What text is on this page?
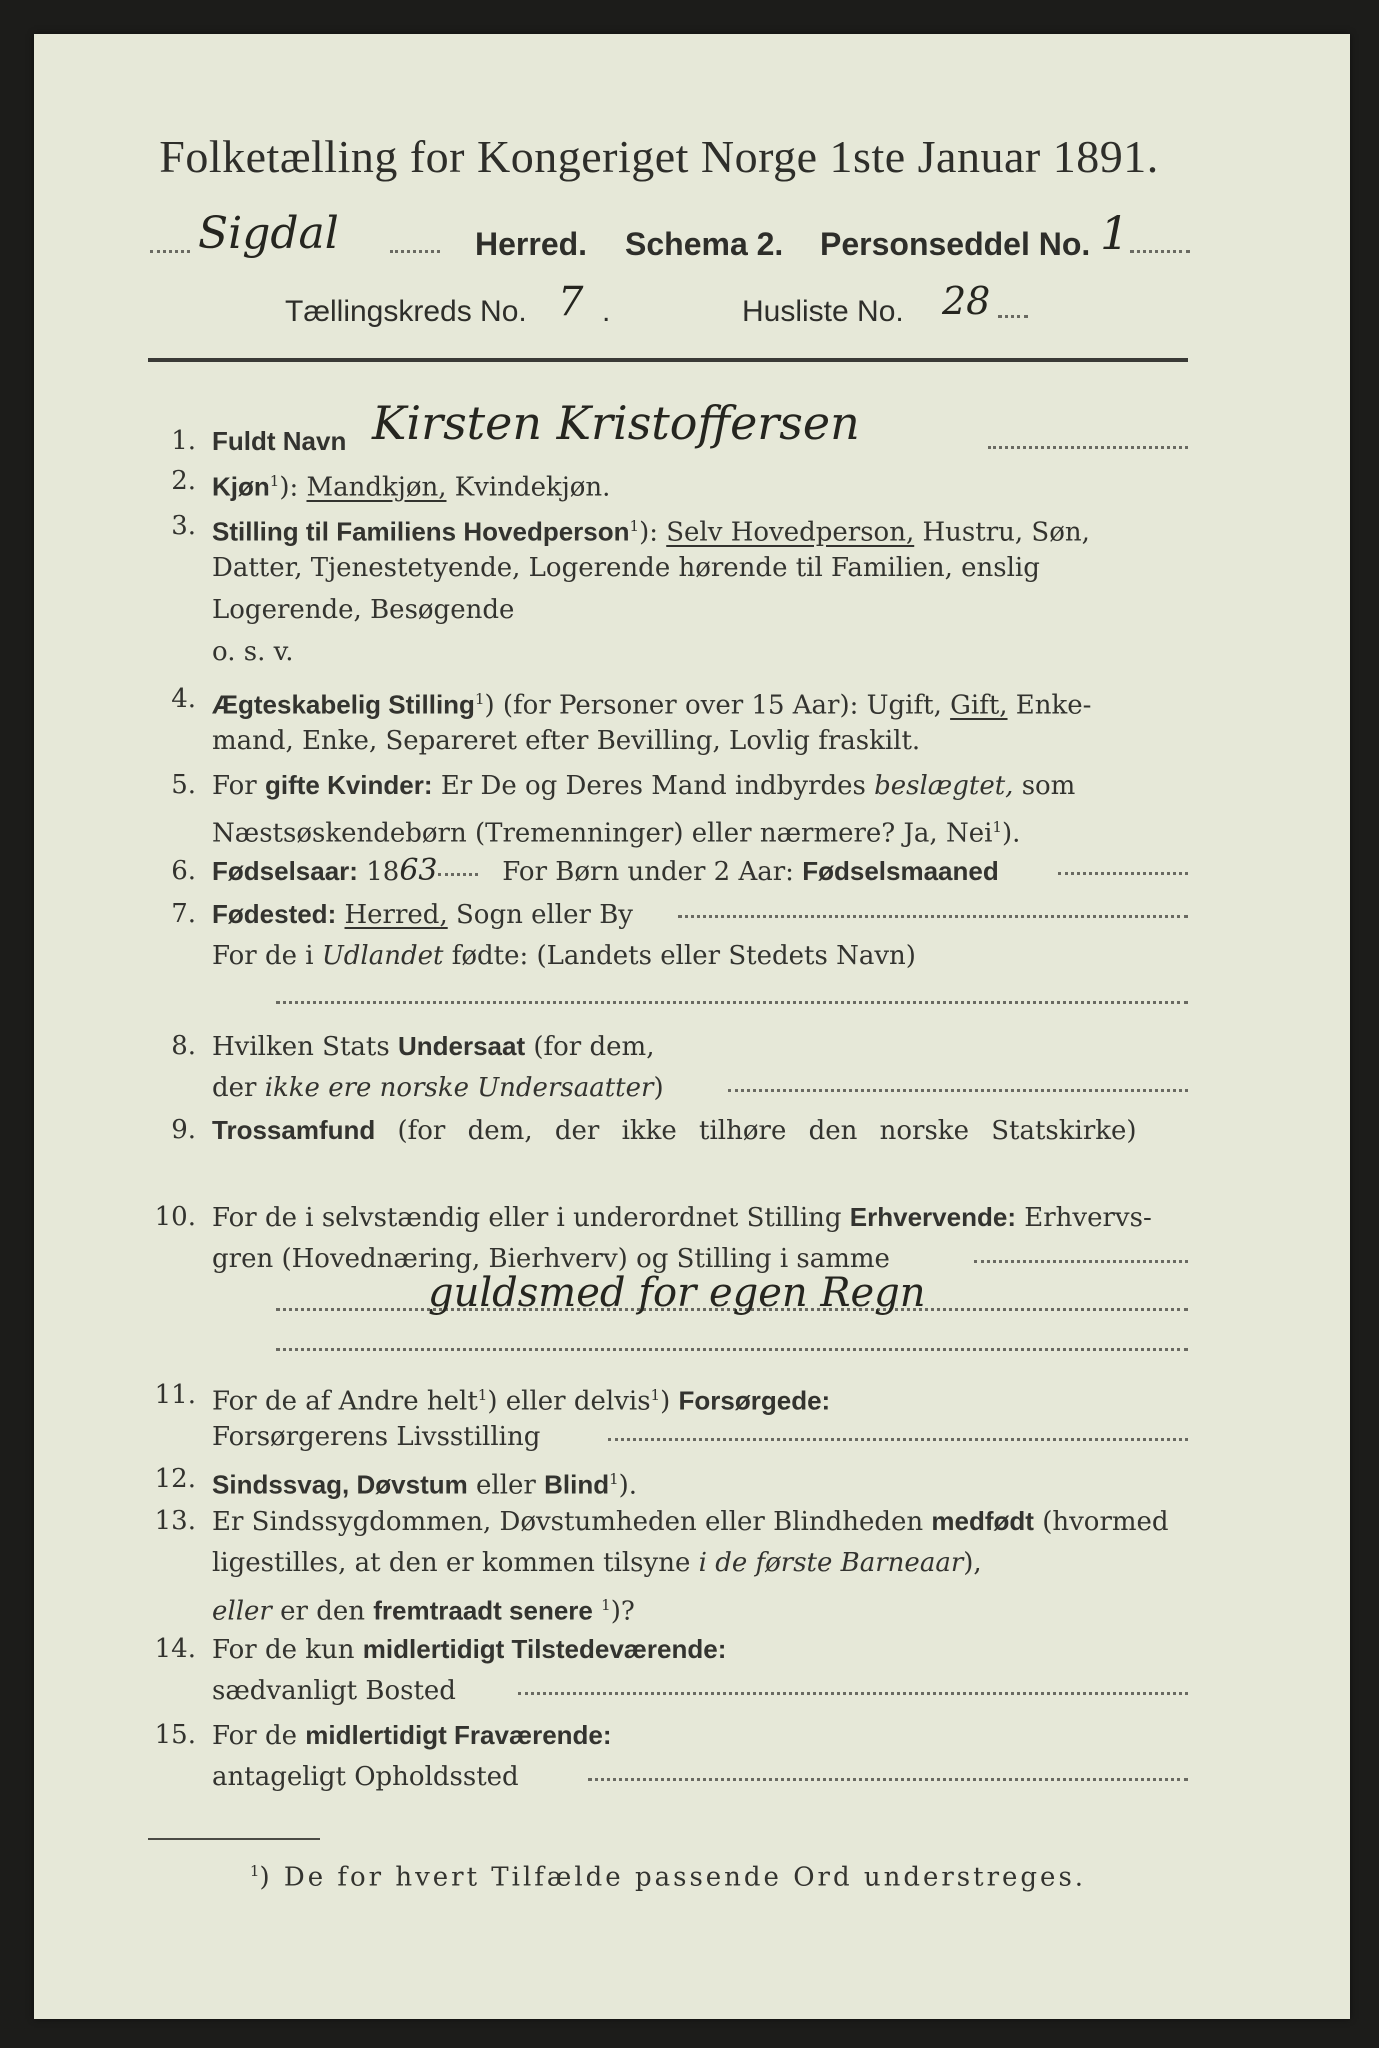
Folketælling for Kongeriget Norge 1ste Januar 1891.
Sigdal	Herred. Schema 2. Personseddel No. 1
Tællingskreds No. 7 .	Husliste No. 28
1. Fuldt Navn Kirsten Kristoffersen
2. Kjøn$^1$): Mandkjøn, Kvindekjøn.
3. Stilling til Familiens Hovedperson$^1$): Selv Hovedperson, Hustru, Søn,
Datter, Tjenestetyende, Logerende hørende til Familien, enslig
Logerende, Besøgende
o. s. v.
4. Ægteskabelig Stilling$^1$) (for Personer over 15 Aar): Ugift, Gift, Enke-
mand, Enke, Separeret efter Bevilling, Lovlig fraskilt.
5. For gifte Kvinder: Er De og Deres Mand indbyrdes beslægtet, som
Næstsøskendebørn (Tremenninger) eller nærmere? Ja, Nei$^1$).
6. Fødselsaar: 1863 For Børn under 2 Aar: Fødselsmaaned
7. Fødested: Herred, Sogn eller By
For de i Udlandet fødte: (Landets eller Stedets Navn)
8. Hvilken Stats Undersaat (for dem,
der ikke ere norske Undersaatter)
9. Trossamfund (for dem, der ikke tilhøre den norske Statskirke)
10. For de i selvstændig eller i underordnet Stilling Erhvervende: Erhvervs-
gren (Hovednæring, Bierhverv) og Stilling i samme
guldsmed for egen Regn
11. For de af Andre helt$^1$) eller delvis$^1$) Forsørgede:
Forsørgerens Livsstilling
12. Sindssvag, Døvstum eller Blind$^1$).
13. Er Sindssygdommen, Døvstumheden eller Blindheden medfødt (hvormed
ligestilles, at den er kommen tilsyne i de første Barneaar),
eller er den fremtraadt senere $^1$)?
14. For de kun midlertidigt Tilstedeværende:
sædvanligt Bosted
15. For de midlertidigt Fraværende:
antageligt Opholdssted
$^1$) De for hvert Tilfælde passende Ord understreges.
